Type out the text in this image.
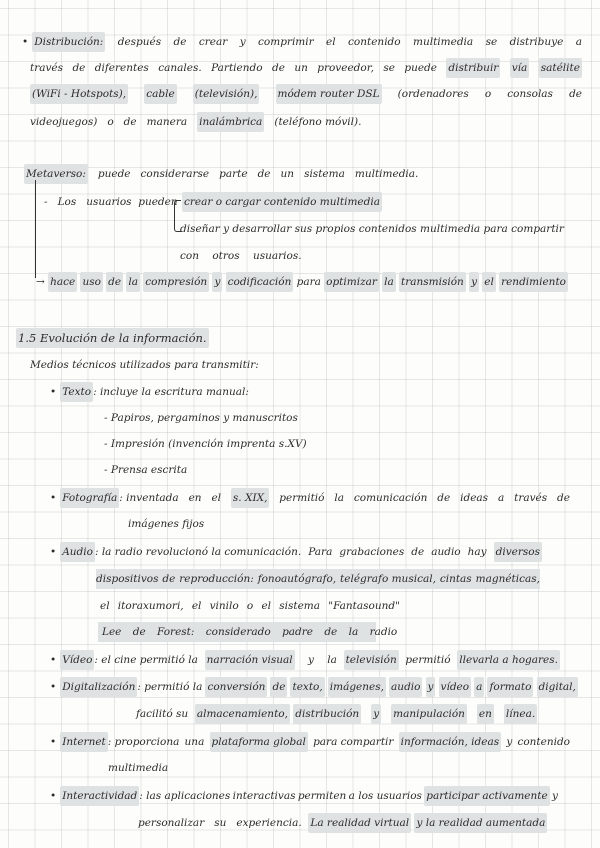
• Distribución: después de crear y comprimir el contenido multimedia se distribuye a
través de diferentes canales. Partiendo de un proveedor, se puede distribuir vía satélite
(WiFi - Hotspots), cable (televisión), módem router DSL (ordenadores o consolas de
videojuegos) o de manera inalámbrica (teléfono móvil).
Metaverso: puede considerarse parte de un sistema multimedia.
- Los usuarios pueden crear o cargar contenido multimedia
diseñar y desarrollar sus propios contenidos multimedia para compartir
con otros usuarios.
→ hace uso de la compresión y codificación para optimizar la transmisión y el rendimiento
1.5 Evolución de la información.
Medios técnicos utilizados para transmitir:
• Texto : incluye la escritura manual:
- Papiros, pergaminos y manuscritos
- Impresión (invención imprenta s.XV)
- Prensa escrita
• Fotografía : inventada en el s. XIX, permitió la comunicación de ideas a través de
imágenes fijos
• Audio : la radio revolucionó la comunicación. Para grabaciones de audio hay diversos
dispositivos de reproducción: fonoautógrafo, telégrafo musical, cintas magnéticas,
el itoraxumori, el vinilo o el sistema "Fantasound"
Lee de Forest: considerado padre de la radio
• Vídeo : el cine permitió la narración visual y la televisión permitió llevarla a hogares.
• Digitalización : permitió la conversión de texto, imágenes, audio y vídeo a formato digital,
facilitó su almacenamiento, distribución y manipulación en línea.
• Internet : proporciona una plataforma global para compartir información, ideas y contenido
multimedia
• Interactividad : las aplicaciones interactivas permiten a los usuarios participar activamente y
personalizar su experiencia. La realidad virtual y la realidad aumentada
